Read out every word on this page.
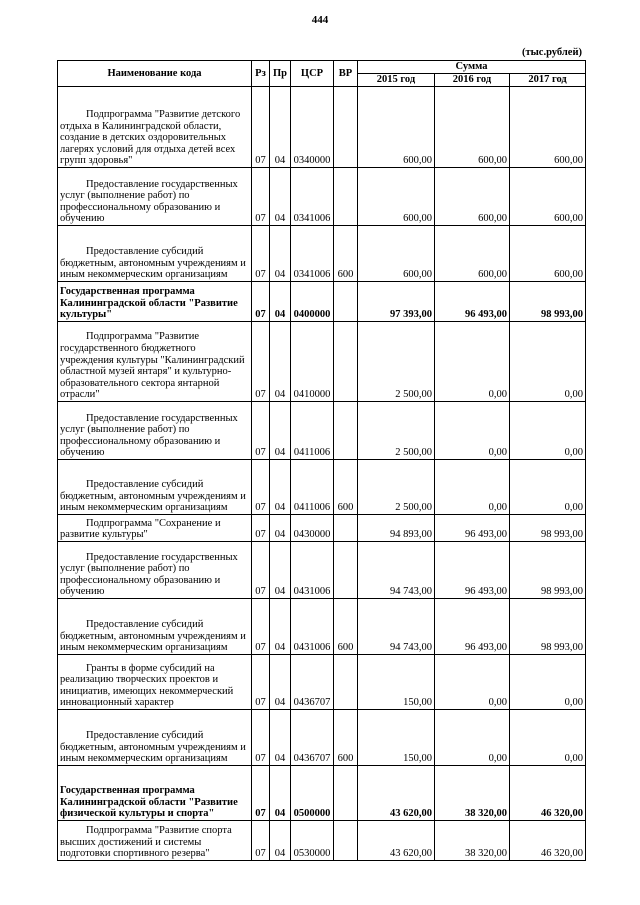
444
(тыс.рублей)
Наименование кода	Рз	Пр	ЦСР	ВР	Сумма		
					2015 год	2016 год	2017 год
Подпрограмма "Развитие детского отдыха в Калининградской области, создание в детских оздоровительных лагерях условий для отдыха детей всех групп здоровья"	07	04	0340000		600,00	600,00	600,00
Предоставление государственных услуг (выполнение работ) по профессиональному образованию и обучению	07	04	0341006		600,00	600,00	600,00
Предоставление субсидий бюджетным, автономным учреждениям и иным некоммерческим организациям	07	04	0341006	600	600,00	600,00	600,00
Государственная программа Калининградской области "Развитие культуры"	07	04	0400000		97 393,00	96 493,00	98 993,00
Подпрограмма "Развитие государственного бюджетного учреждения культуры "Калининградский областной музей янтаря" и культурно-образовательного сектора янтарной отрасли"	07	04	0410000		2 500,00	0,00	0,00
Предоставление государственных услуг (выполнение работ) по профессиональному образованию и обучению	07	04	0411006		2 500,00	0,00	0,00
Предоставление субсидий бюджетным, автономным учреждениям и иным некоммерческим организациям	07	04	0411006	600	2 500,00	0,00	0,00
Подпрограмма "Сохранение и развитие культуры"	07	04	0430000		94 893,00	96 493,00	98 993,00
Предоставление государственных услуг (выполнение работ) по профессиональному образованию и обучению	07	04	0431006		94 743,00	96 493,00	98 993,00
Предоставление субсидий бюджетным, автономным учреждениям и иным некоммерческим организациям	07	04	0431006	600	94 743,00	96 493,00	98 993,00
Гранты в форме субсидий на реализацию творческих проектов и инициатив, имеющих некоммерческий инновационный характер	07	04	0436707		150,00	0,00	0,00
Предоставление субсидий бюджетным, автономным учреждениям и иным некоммерческим организациям	07	04	0436707	600	150,00	0,00	0,00
Государственная программа Калининградской области "Развитие физической культуры и спорта"	07	04	0500000		43 620,00	38 320,00	46 320,00
Подпрограмма "Развитие спорта высших достижений и системы подготовки спортивного резерва"	07	04	0530000		43 620,00	38 320,00	46 320,00
